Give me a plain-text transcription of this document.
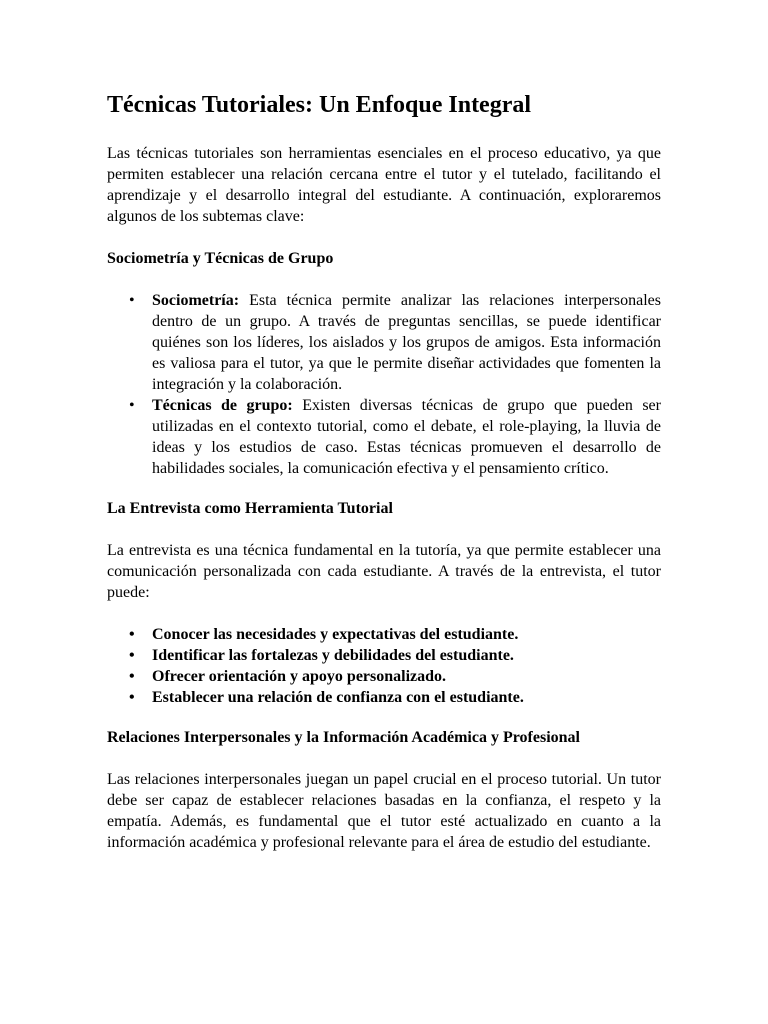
Técnicas Tutoriales: Un Enfoque Integral

Las técnicas tutoriales son herramientas esenciales en el proceso educativo, ya que permiten establecer una relación cercana entre el tutor y el tutelado, facilitando el aprendizaje y el desarrollo integral del estudiante. A continuación, exploraremos algunos de los subtemas clave:

Sociometría y Técnicas de Grupo
• Sociometría: Esta técnica permite analizar las relaciones interpersonales dentro de un grupo. A través de preguntas sencillas, se puede identificar quiénes son los líderes, los aislados y los grupos de amigos. Esta información es valiosa para el tutor, ya que le permite diseñar actividades que fomenten la integración y la colaboración.
• Técnicas de grupo: Existen diversas técnicas de grupo que pueden ser utilizadas en el contexto tutorial, como el debate, el role-playing, la lluvia de ideas y los estudios de caso. Estas técnicas promueven el desarrollo de habilidades sociales, la comunicación efectiva y el pensamiento crítico.
La Entrevista como Herramienta Tutorial

La entrevista es una técnica fundamental en la tutoría, ya que permite establecer una comunicación personalizada con cada estudiante. A través de la entrevista, el tutor puede:

• Conocer las necesidades y expectativas del estudiante.
• Identificar las fortalezas y debilidades del estudiante.
• Ofrecer orientación y apoyo personalizado.
• Establecer una relación de confianza con el estudiante.
Relaciones Interpersonales y la Información Académica y Profesional

Las relaciones interpersonales juegan un papel crucial en el proceso tutorial. Un tutor debe ser capaz de establecer relaciones basadas en la confianza, el respeto y la empatía. Además, es fundamental que el tutor esté actualizado en cuanto a la información académica y profesional relevante para el área de estudio del estudiante.
